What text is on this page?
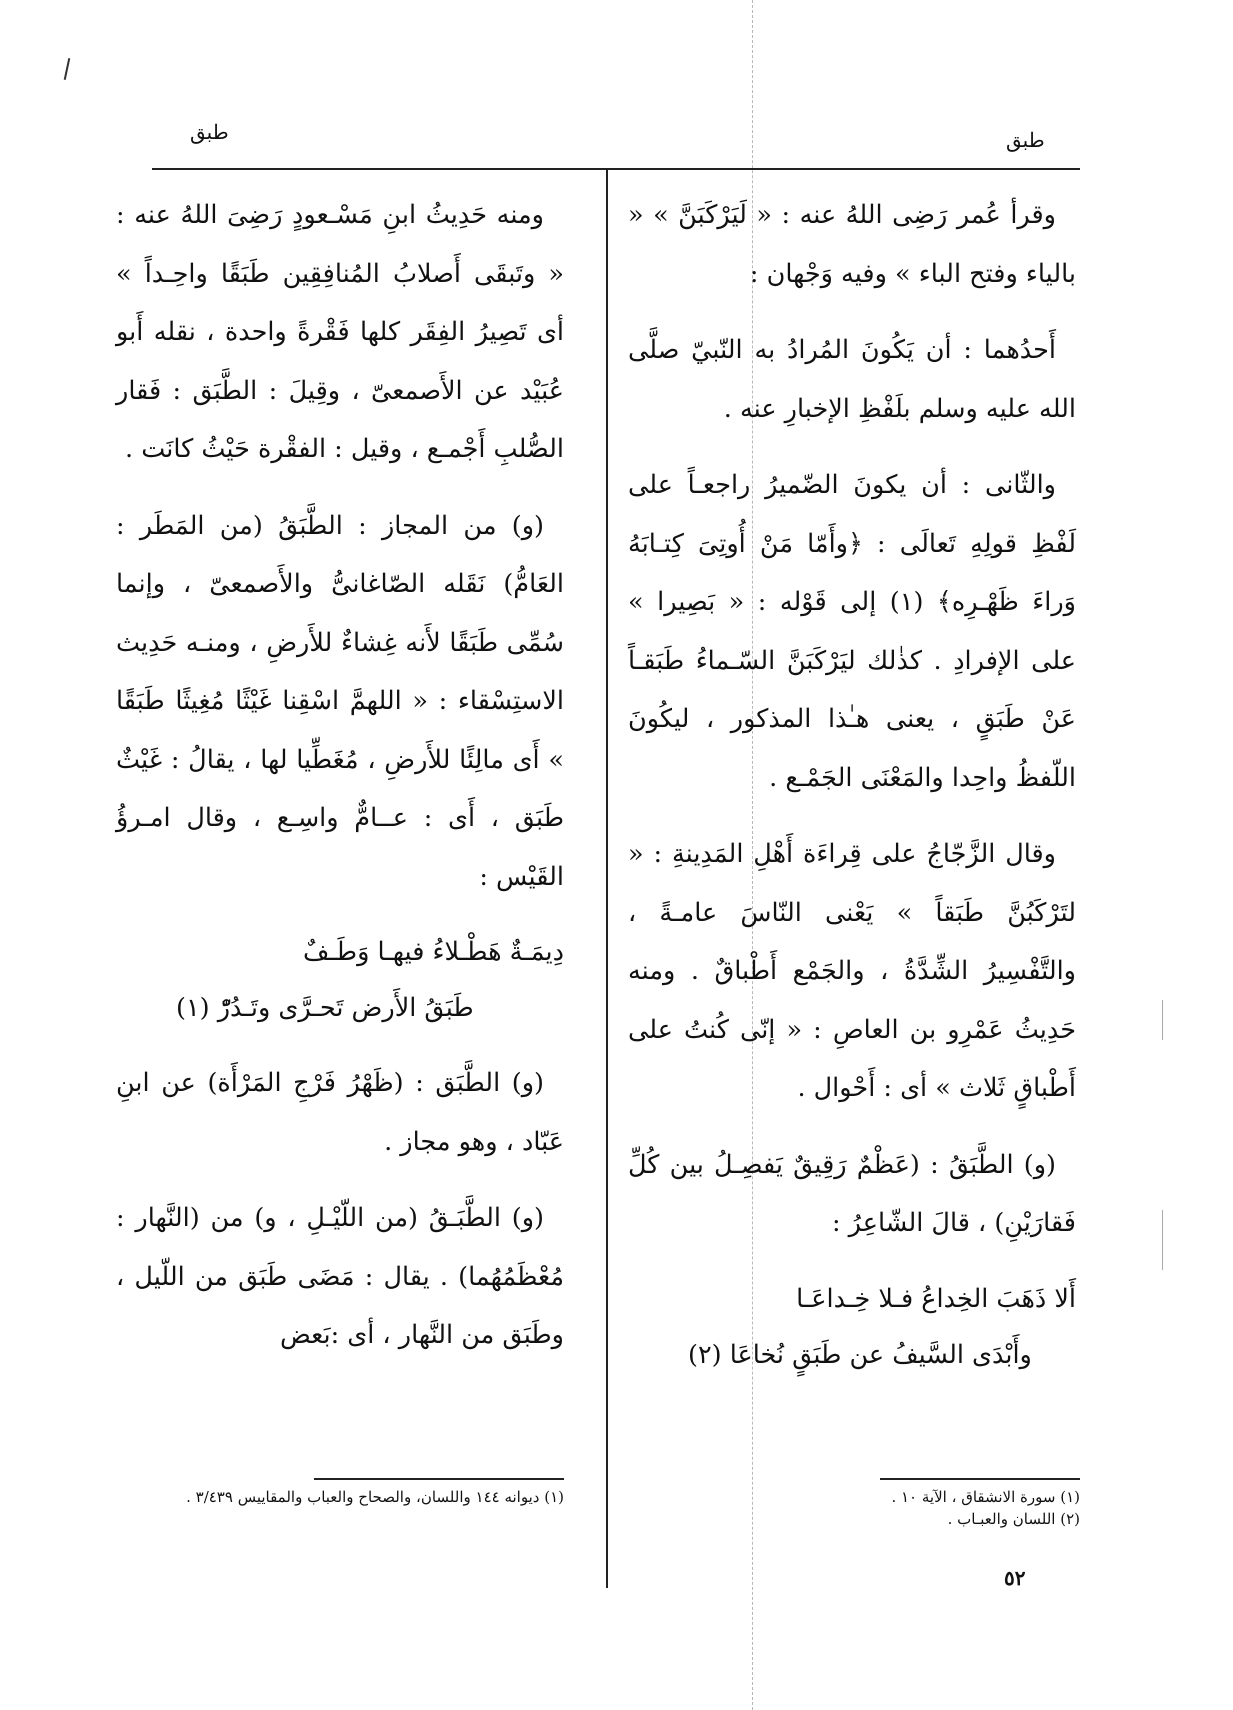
طبق	طبق

وقرأ عُمر رَضِى اللهُ عنه : « لَيَرْكَبَنَّ » « بالياء وفتح الباء » وفيه وَجْهان :

أَحدُهما : أن يَكُونَ المُرادُ به النّبيّ صلَّى الله عليه وسلم بلَفْظِ الإخبارِ عنه .

والثّانى : أن يكونَ الضّميرُ راجعـاً على لَفْظِ قولِهِ تَعالَى : ﴿وأَمّا مَنْ أُوتِىَ كِتـابَهُ وَراءَ ظَهْـرِه﴾ (١) إلى قَوْله : « بَصِيرا » على الإفرادِ . كذٰلك ليَرْكَبَنَّ السّـماءُ طَبَقـاً عَنْ طَبَقٍ ، يعنى هـٰذا المذكور ، ليكُونَ اللّفظُ واحِدا والمَعْنَى الجَمْـع .

وقال الزَّجّاجُ على قِراءَة أَهْلِ المَدِينةِ : « لتَرْكَبُنَّ طَبَقاً » يَعْنى النّاسَ عامـةً ، والتَّفْسِيرُ الشِّدَّةُ ، والجَمْع أَطْباقٌ . ومنه حَدِيثُ عَمْرِو بن العاصِ : « إنّى كُنتُ على أَطْباقٍ ثَلاث » أى : أَحْوال .

(و) الطَّبَقُ : (عَظْمٌ رَقِيقٌ يَفصِـلُ بين كُلِّ فَقارَيْنِ) ، قالَ الشّاعِرُ :

أَلا ذَهَبَ الخِداعُ فـلا خِـداعَـا

وأَبْدَى السَّيفُ عن طَبَقٍ نُخاعَا (٢)

ومنه حَدِيثُ ابنِ مَسْـعودٍ رَضِىَ اللهُ عنه : « وتَبقَى أَصلابُ المُنافِقِين طَبَقًا واحِـداً » أى تَصِيرُ الفِقَر كلها فَقْرةً واحدة ، نقله أَبو عُبَيْد عن الأَصمعىّ ، وقِيلَ : الطَّبَق : فَقار الصُّلبِ أَجْمـع ، وقيل : الفقْرة حَيْثُ كانَت .

(و) من المجاز : الطَّبَقُ (من المَطَر : العَامُّ) نَقَله الصّاغانىُّ والأَصمعىّ ، وإنما سُمِّى طَبَقًا لأَنه غِشاءٌ للأَرضِ ، ومنـه حَدِيث الاستِسْقاء : « اللهمَّ اسْقِنا غَيْثًا مُغِيثًا طَبَقًا » أَى مالِئًا للأَرضِ ، مُغَطِّيا لها ، يقالُ : غَيْثٌ طَبَق ، أَى : عــامٌّ واسِـع ، وقال امـرؤُ القَيْس :

دِيمَـةٌ هَطْـلاءُ فيهـا وَطَـفٌ

طَبَقُ الأَرض تَحـرَّى وتَـدُرّْ (١)

(و) الطَّبَق : (ظَهْرُ فَرْجِ المَرْأَة) عن ابنِ عَبّاد ، وهو مجاز .

(و) الطَّبَـقُ (من اللّيْـلِ ، و) من (النَّهار : مُعْظَمُهُما) . يقال : مَضَى طَبَق من اللّيل ، وطَبَق من النَّهار ، أى :بَعض

(١) سورة الانشقاق ، الآية ١٠ .

(٢) اللسان والعبـاب .

(١) ديوانه ١٤٤ واللسان، والصحاح والعباب والمقاييس ٣/٤٣٩ .

٥٢
